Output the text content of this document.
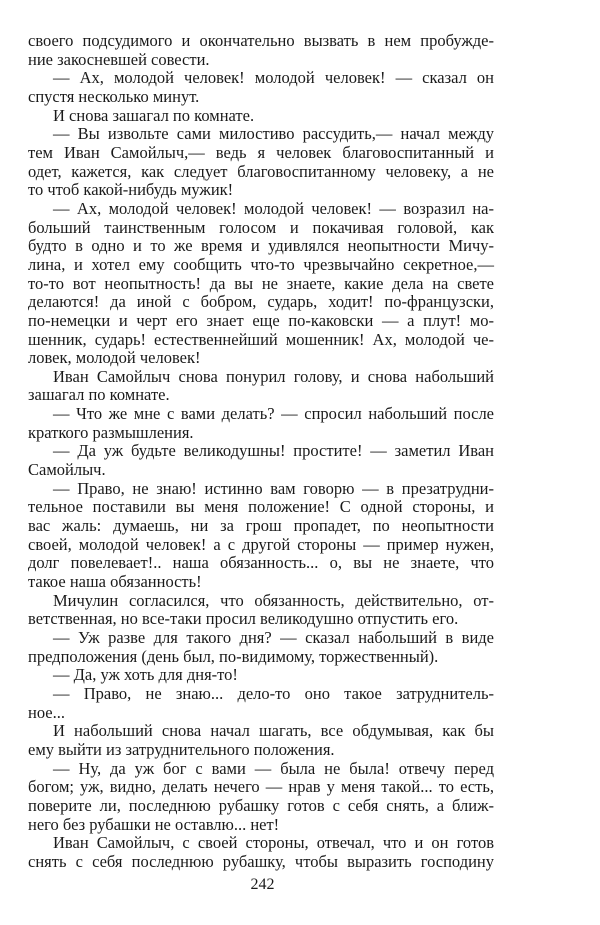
своего подсудимого и окончательно вызвать в нем пробужде-
ние закосневшей совести.
— Ах, молодой человек! молодой человек! — сказал он
спустя несколько минут.
И снова зашагал по комнате.
— Вы извольте сами милостиво рассудить,— начал между
тем Иван Самойлыч,— ведь я человек благовоспитанный и
одет, кажется, как следует благовоспитанному человеку, а не
то чтоб какой-нибудь мужик!
— Ах, молодой человек! молодой человек! — возразил на-
больший таинственным голосом и покачивая головой, как
будто в одно и то же время и удивлялся неопытности Мичу-
лина, и хотел ему сообщить что-то чрезвычайно секретное,—
то-то вот неопытность! да вы не знаете, какие дела на свете
делаются! да иной с бобром, сударь, ходит! по-французски,
по-немецки и черт его знает еще по-каковски — а плут! мо-
шенник, сударь! естественнейший мошенник! Ах, молодой че-
ловек, молодой человек!
Иван Самойлыч снова понурил голову, и снова набольший
зашагал по комнате.
— Что же мне с вами делать? — спросил набольший после
краткого размышления.
— Да уж будьте великодушны! простите! — заметил Иван
Самойлыч.
— Право, не знаю! истинно вам говорю — в презатрудни-
тельное поставили вы меня положение! С одной стороны, и
вас жаль: думаешь, ни за грош пропадет, по неопытности
своей, молодой человек! а с другой стороны — пример нужен,
долг повелевает!.. наша обязанность... о, вы не знаете, что
такое наша обязанность!
Мичулин согласился, что обязанность, действительно, от-
ветственная, но все-таки просил великодушно отпустить его.
— Уж разве для такого дня? — сказал набольший в виде
предположения (день был, по-видимому, торжественный).
— Да, уж хоть для дня-то!
— Право, не знаю... дело-то оно такое затруднитель-
ное...
И набольший снова начал шагать, все обдумывая, как бы
ему выйти из затруднительного положения.
— Ну, да уж бог с вами — была не была! отвечу перед
богом; уж, видно, делать нечего — нрав у меня такой... то есть,
поверите ли, последнюю рубашку готов с себя снять, а ближ-
него без рубашки не оставлю... нет!
Иван Самойлыч, с своей стороны, отвечал, что и он готов
снять с себя последнюю рубашку, чтобы выразить господину
242
